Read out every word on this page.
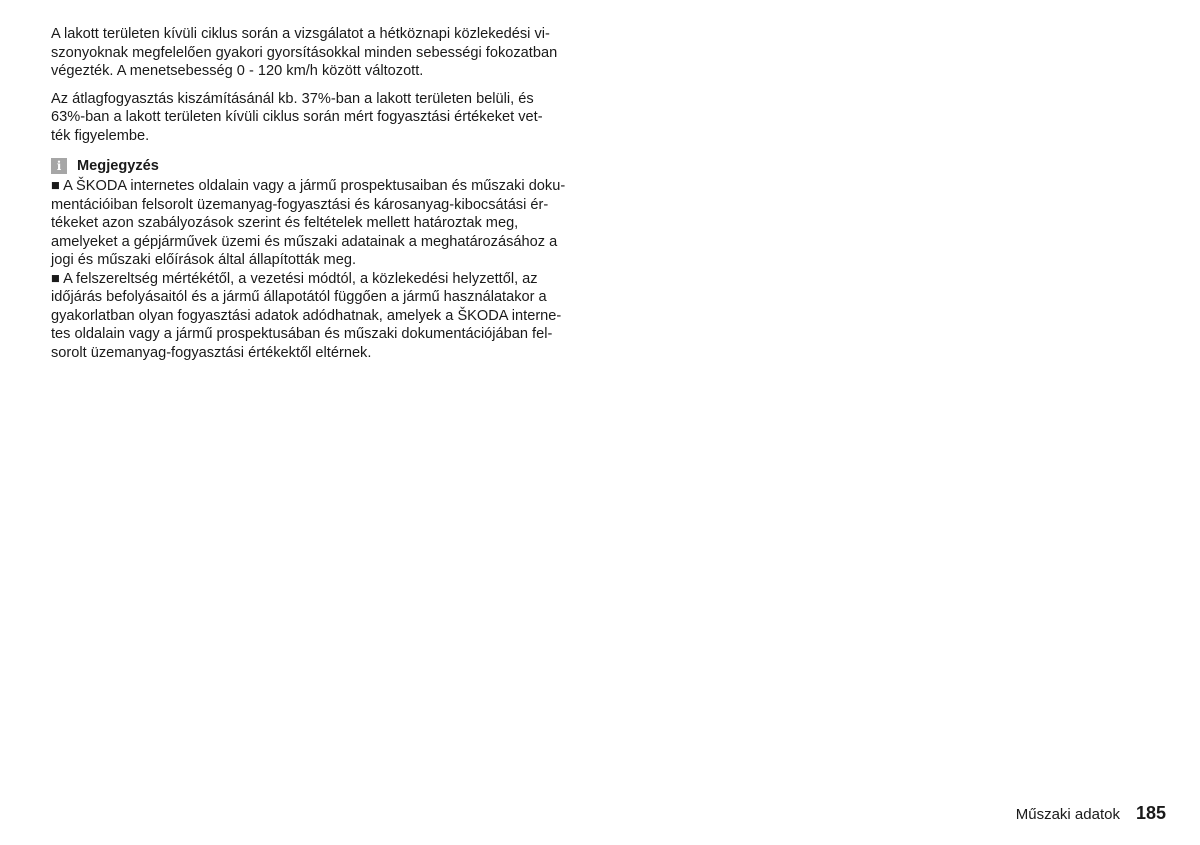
A lakott területen kívüli ciklus során a vizsgálatot a hétköznapi közlekedési vi-
szonyoknak megfelelően gyakori gyorsításokkal minden sebességi fokozatban
végezték. A menetsebesség 0 - 120 km/h között változott.

Az átlagfogyasztás kiszámításánál kb. 37%-ban a lakott területen belüli, és
63%-ban a lakott területen kívüli ciklus során mért fogyasztási értékeket vet-
ték figyelembe.

i	Megjegyzés
■ A ŠKODA internetes oldalain vagy a jármű prospektusaiban és műszaki doku-
mentációiban felsorolt üzemanyag-fogyasztási és károsanyag-kibocsátási ér-
tékeket azon szabályozások szerint és feltételek mellett határoztak meg,
amelyeket a gépjárművek üzemi és műszaki adatainak a meghatározásához a
jogi és műszaki előírások által állapították meg.
■ A felszereltség mértékétől, a vezetési módtól, a közlekedési helyzettől, az
időjárás befolyásaitól és a jármű állapotától függően a jármű használatakor a
gyakorlatban olyan fogyasztási adatok adódhatnak, amelyek a ŠKODA interne-
tes oldalain vagy a jármű prospektusában és műszaki dokumentációjában fel-
sorolt üzemanyag-fogyasztási értékektől eltérnek.
Műszaki adatok 185
